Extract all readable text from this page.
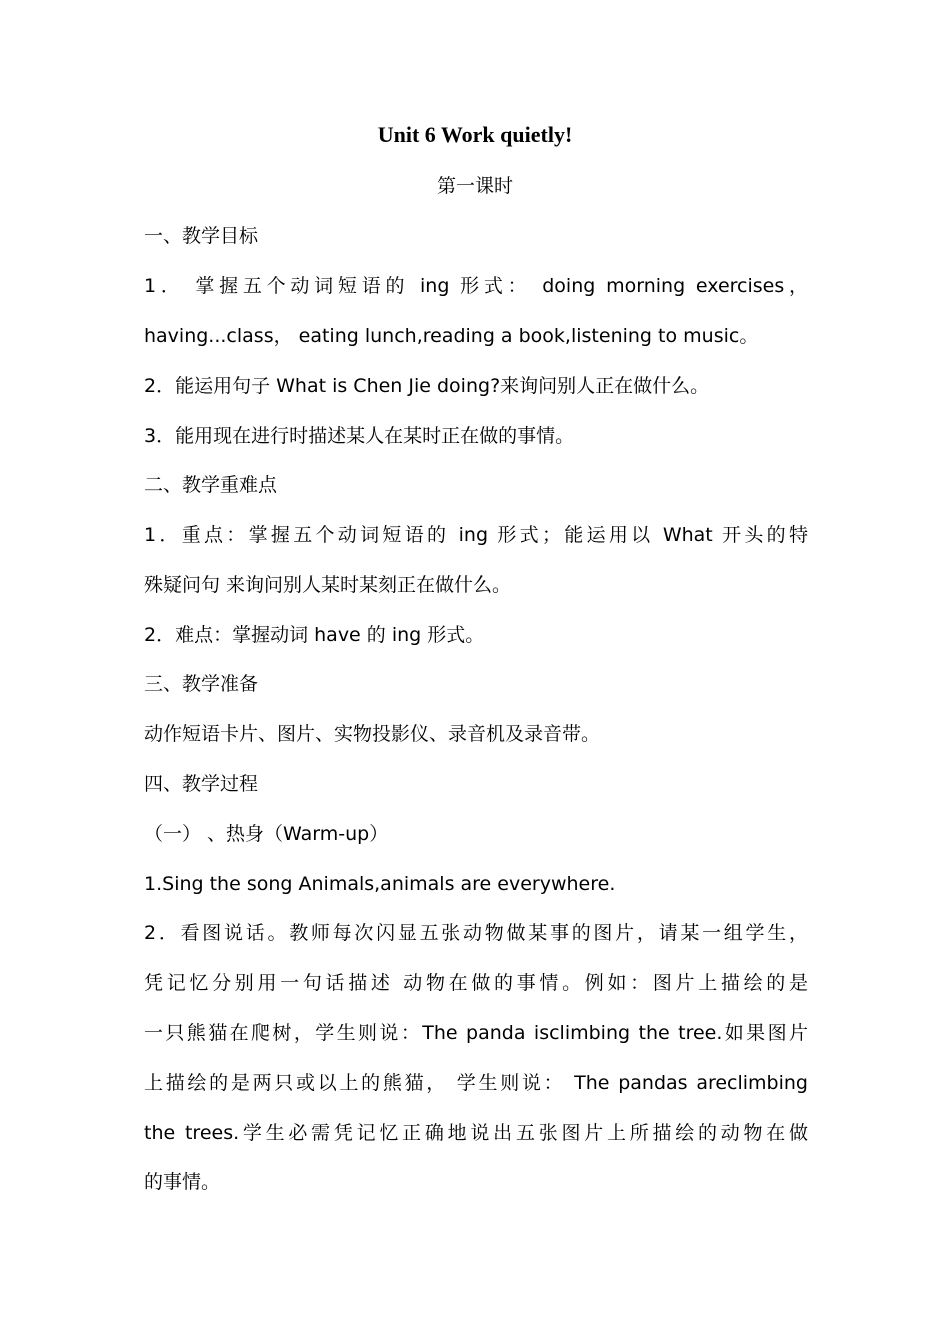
Unit 6 Work quietly!
第一课时
一、教学目标
1． 掌握五个动词短语的 ing 形式： doing morning exercises，
having...class， eating lunch,reading a book,listening to music。
2．能运用句子 What is Chen Jie doing?来询问别人正在做什么。
3．能用现在进行时描述某人在某时正在做的事情。
二、教学重难点
1．重点：掌握五个动词短语的 ing 形式；能运用以 What 开头的特
殊疑问句 来询问别人某时某刻正在做什么。
2．难点：掌握动词 have 的 ing 形式。
三、教学准备
动作短语卡片、图片、实物投影仪、录音机及录音带。
四、教学过程
（一） 、热身（Warm-up）
1.Sing the song Animals,animals are everywhere.
2．看图说话。教师每次闪显五张动物做某事的图片，请某一组学生，
凭记忆分别用一句话描述 动物在做的事情。例如：图片上描绘的是
一只熊猫在爬树，学生则说：The panda isclimbing the tree.如果图片
上描绘的是两只或以上的熊猫， 学生则说： The pandas areclimbing
the trees.学生必需凭记忆正确地说出五张图片上所描绘的动物在做
的事情。
